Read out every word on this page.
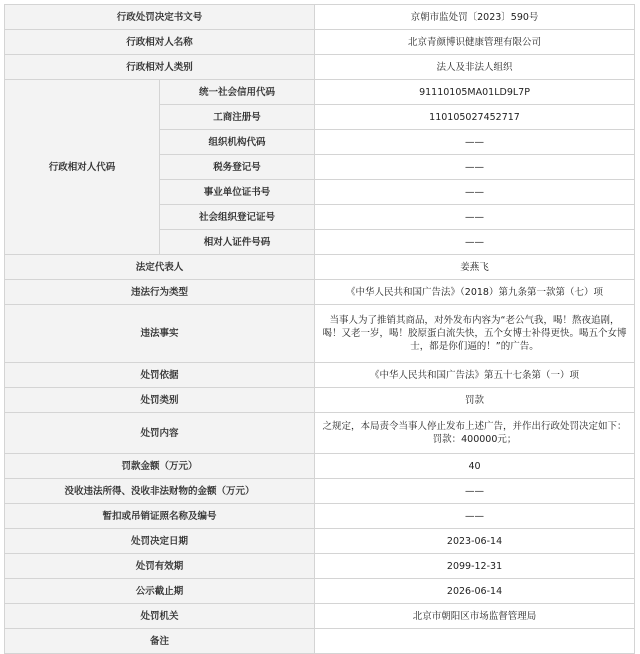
行政处罚决定书文号		京朝市监处罚〔2023〕590号
行政相对人名称		北京青颜博识健康管理有限公司
行政相对人类别		法人及非法人组织
行政相对人代码	统一社会信用代码	91110105MA01LD9L7P
	工商注册号	110105027452717
	组织机构代码	——
	税务登记号	——
	事业单位证书号	——
	社会组织登记证号	——
	相对人证件号码	——
法定代表人		姜燕飞
违法行为类型		《中华人民共和国广告法》（2018）第九条第一款第（七）项
违法事实		当事人为了推销其商品，对外发布内容为“老公气我，喝！熬夜追剧，喝！又老一岁，喝！胶原蛋白流失快，五个女博士补得更快。喝五个女博士，都是你们逼的！”的广告。
处罚依据		《中华人民共和国广告法》第五十七条第（一）项
处罚类别		罚款
处罚内容		之规定，本局责令当事人停止发布上述广告，并作出行政处罚决定如下：罚款：400000元；
罚款金额（万元）		40
没收违法所得、没收非法财物的金额（万元）		——
暂扣或吊销证照名称及编号		——
处罚决定日期		2023-06-14
处罚有效期		2099-12-31
公示截止期		2026-06-14
处罚机关		北京市朝阳区市场监督管理局
备注		
